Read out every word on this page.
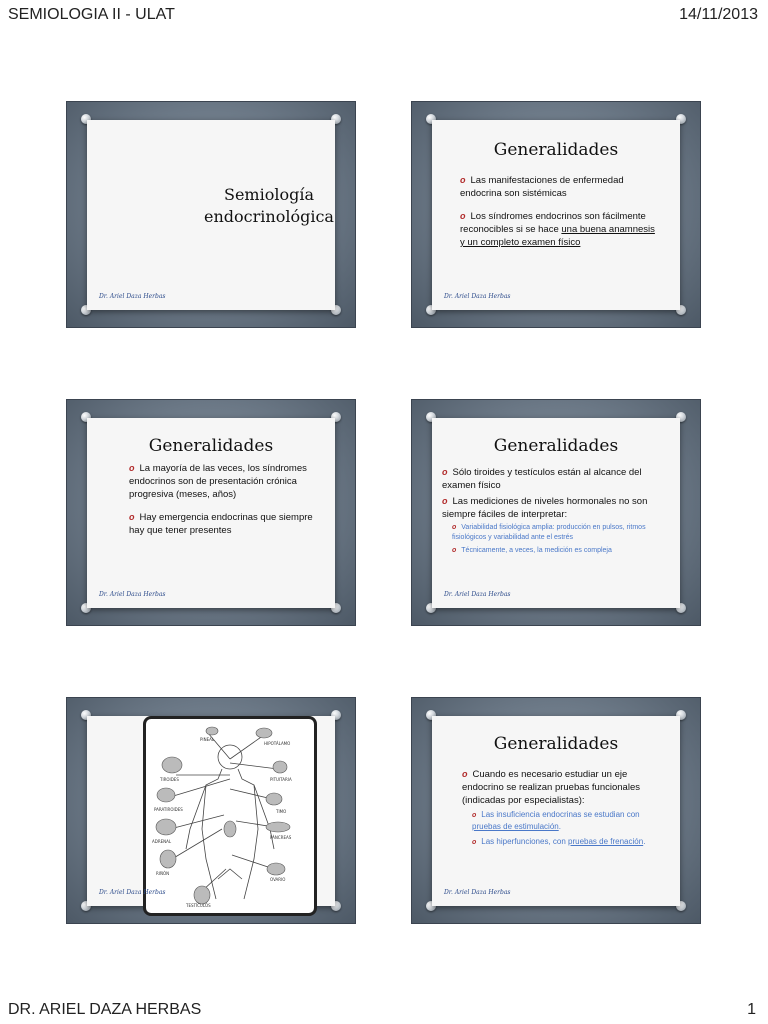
SEMIOLOGIA II - ULAT	14/11/2013
Semiología endocrinológica
Dr. Ariel Daza Herbas
Generalidades
o Las manifestaciones de enfermedad endocrina son sistémicas
o Los síndromes endocrinos son fácilmente reconocibles si se hace una buena anamnesis y un completo examen físico
Dr. Ariel Daza Herbas
Generalidades
o La mayoría de las veces, los síndromes endocrinos son de presentación crónica progresiva (meses, años)
o Hay emergencia endocrinas que siempre hay que tener presentes
Dr. Ariel Daza Herbas
Generalidades
o Sólo tiroides y testículos están al alcance del examen físico
o Las mediciones de niveles hormonales no son siempre fáciles de interpretar:
o Variabilidad fisiológica amplia: producción en pulsos, ritmos fisiológicos y variabilidad ante el estrés
o Técnicamente, a veces, la medición es compleja
Dr. Ariel Daza Herbas
PINEAL
HIPOTÁLAMO
TIROIDES	PITUITARIA
PARATIROIDES	TIMO
ADRENAL
PÁNCREAS
RIÑÓN
OVARIO
TESTÍCULOS
Dr. Ariel Daza Herbas
Generalidades
o Cuando es necesario estudiar un eje endocrino se realizan pruebas funcionales (indicadas por especialistas):
o Las insuficiencia endocrinas se estudian con pruebas de estimulación.
o Las hiperfunciones, con pruebas de frenación.
Dr. Ariel Daza Herbas
DR. ARIEL DAZA HERBAS	1
